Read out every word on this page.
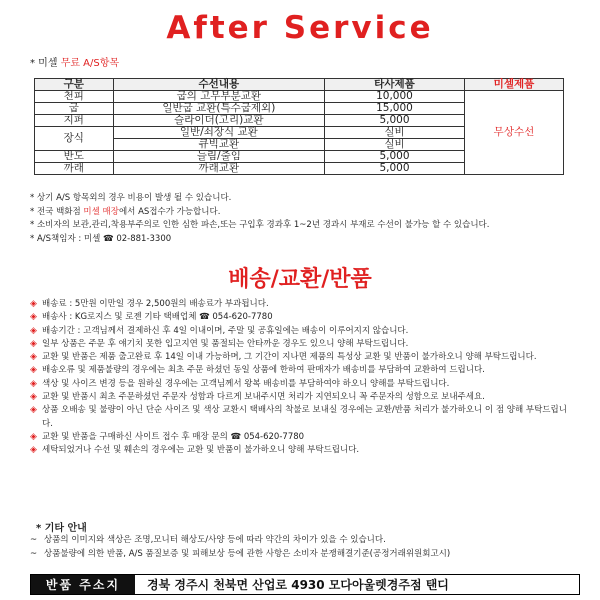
After Service
* 미셀 무료 A/S항목
구분	수선내용	타사제품	미셀제품
천피	굽의 고무부분교환	10,000	무상수선
굽	일반굽 교환(특수굽제외)	15,000	
지퍼	슬라이더(고리)교환	5,000	
장식	일반/쇠장식 교환	실비	
	큐빅교환	실비	
반도	늘림/줄임	5,000	
까래	까래교환	5,000	
* 상기 A/S 항목외의 경우 비용이 발생 될 수 있습니다.
* 전국 백화점 미셀 매장에서 AS접수가 가능합니다.
* 소비자의 보관,관리,착용부주의로 인한 심한 파손,또는 구입후 경과후 1~2년 경과시 부재로 수선이 불가능 할 수 있습니다.
* A/S책임자 : 미셀 ☎ 02-881-3300
배송/교환/반품
◈ 배송료 : 5만원 이만일 경우 2,500원의 배송료가 부과됩니다.
◈ 배송사 : KG로지스 및 로젠 기타 택배업체 ☎ 054-620-7780
◈ 배송기간 : 고객님께서 결제하신 후 4일 이내이며, 주말 및 공휴일에는 배송이 이루어지지 않습니다.
◈ 일부 상품은 주문 후 얘기치 못한 입고지연 및 품절되는 안타까운 경우도 있으니 양해 부탁드립니다.
◈ 교환 및 반품은 제품 출고완료 후 14일 이내 가능하며, 그 기간이 지나면 제품의 특성상 교환 및 반품이 불가하오니 양해 부탁드립니다.
◈ 배송오류 및 제품불량의 경우에는 최초 주문 하셨던 동일 상품에 한하여 판매자가 배송비를 부담하여 교환하여 드립니다.
◈ 색상 및 사이즈 변경 등을 원하실 경우에는 고객님께서 왕복 배송비를 부담하여야 하오니 양해를 부탁드립니다.
◈ 교환 및 반품시 최초 주문하셨던 주문자 성함과 다르게 보내주시면 처리가 지연되오니 꼭 주문자의 성함으로 보내주세요.
◈ 상품 오배송 및 불량이 아닌 단순 사이즈 및 색상 교환시 택배사의 착불로 보내실 경우에는 교환/반품 처리가 불가하오니 이 점 양해 부탁드립니다.
◈ 교환 및 반품을 구매하신 사이트 접수 후 매장 문의 ☎ 054-620-7780
◈ 세탁되었거나 수선 및 훼손의 경우에는 교환 및 반품이 불가하오니 양해 부탁드립니다.
* 기타 안내
~ 상품의 이미지와 색상은 조명,모니터 해상도/사양 등에 따라 약간의 차이가 있을 수 있습니다.
~ 상품불량에 의한 반품, A/S 품질보증 및 피해보상 등에 관한 사항은 소비자 분쟁해결기준(공정거래위원회고시)
반품 주소지	경북 경주시 천북면 산업로 4930 모다아울렛경주점 탠디
